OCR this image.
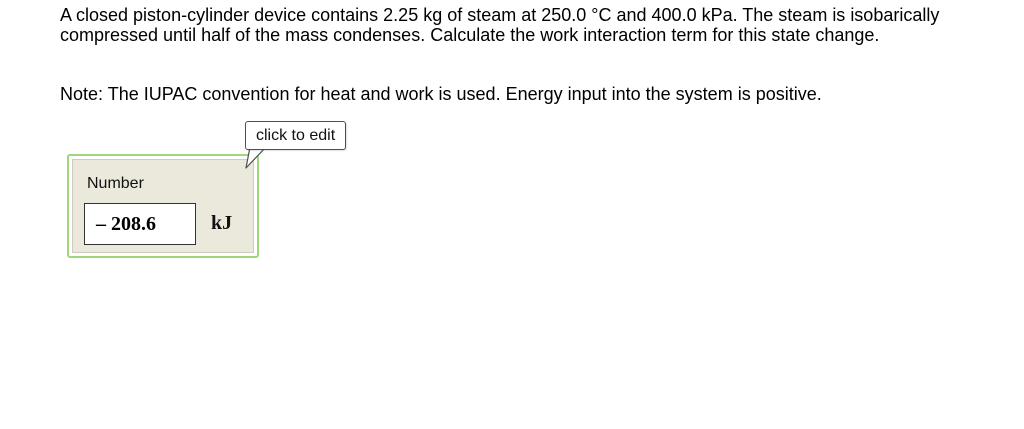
A closed piston-cylinder device contains 2.25 kg of steam at 250.0 °C and 400.0 kPa. The steam is isobarically compressed until half of the mass condenses. Calculate the work interaction term for this state change.

Note: The IUPAC convention for heat and work is used. Energy input into the system is positive.
Number
– 208.6	kJ
click to edit
